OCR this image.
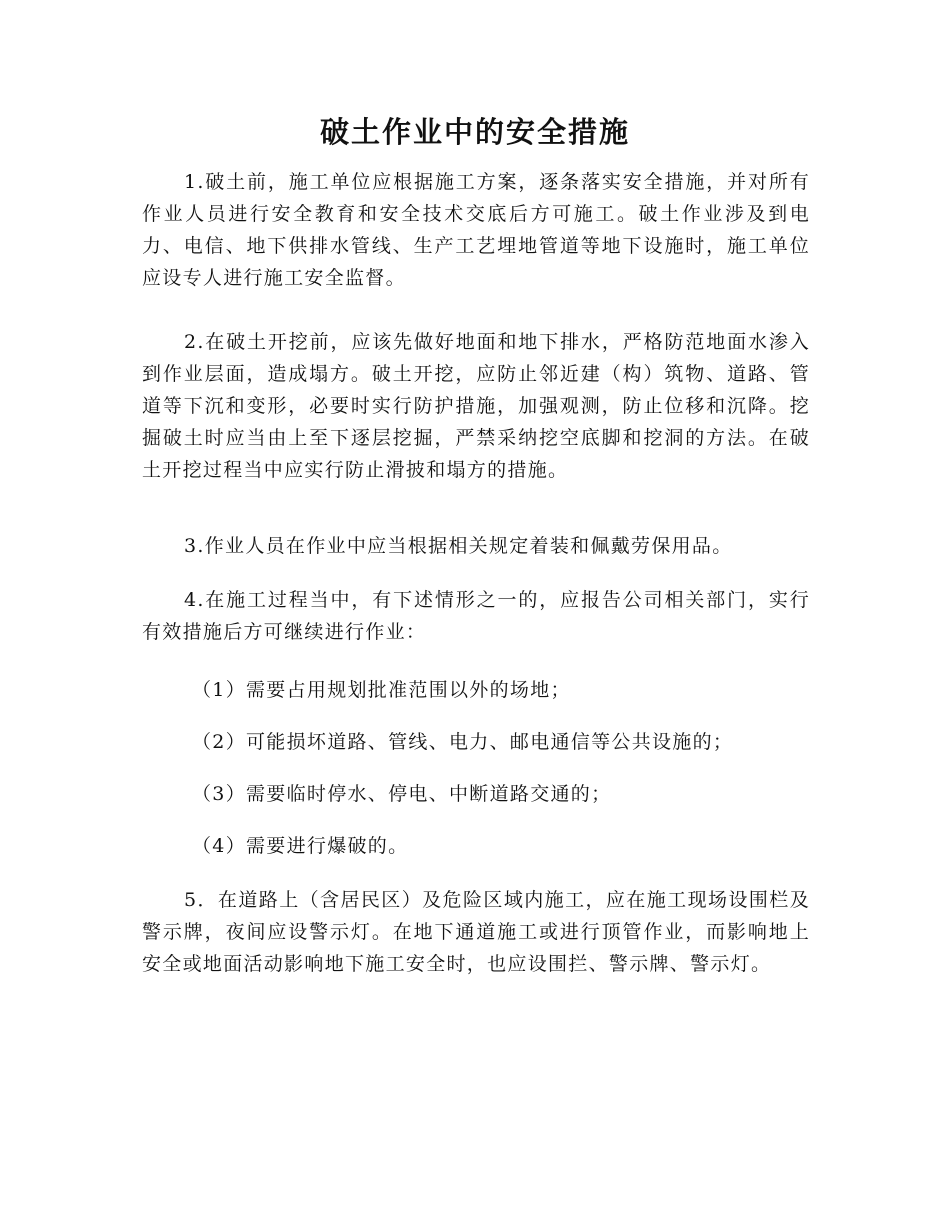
破土作业中的安全措施

1.破土前，施工单位应根据施工方案，逐条落实安全措施，并对所有作业人员进行安全教育和安全技术交底后方可施工。破土作业涉及到电力、电信、地下供排水管线、生产工艺埋地管道等地下设施时，施工单位应设专人进行施工安全监督。

2.在破土开挖前，应该先做好地面和地下排水，严格防范地面水渗入到作业层面，造成塌方。破土开挖，应防止邻近建（构）筑物、道路、管道等下沉和变形，必要时实行防护措施，加强观测，防止位移和沉降。挖掘破土时应当由上至下逐层挖掘，严禁采纳挖空底脚和挖洞的方法。在破土开挖过程当中应实行防止滑披和塌方的措施。

3.作业人员在作业中应当根据相关规定着装和佩戴劳保用品。

4.在施工过程当中，有下述情形之一的，应报告公司相关部门，实行有效措施后方可继续进行作业：

（1）需要占用规划批准范围以外的场地；

（2）可能损坏道路、管线、电力、邮电通信等公共设施的；

（3）需要临时停水、停电、中断道路交通的；

（4）需要进行爆破的。

5．在道路上（含居民区）及危险区域内施工，应在施工现场设围栏及警示牌，夜间应设警示灯。在地下通道施工或进行顶管作业，而影响地上安全或地面活动影响地下施工安全时，也应设围拦、警示牌、警示灯。
